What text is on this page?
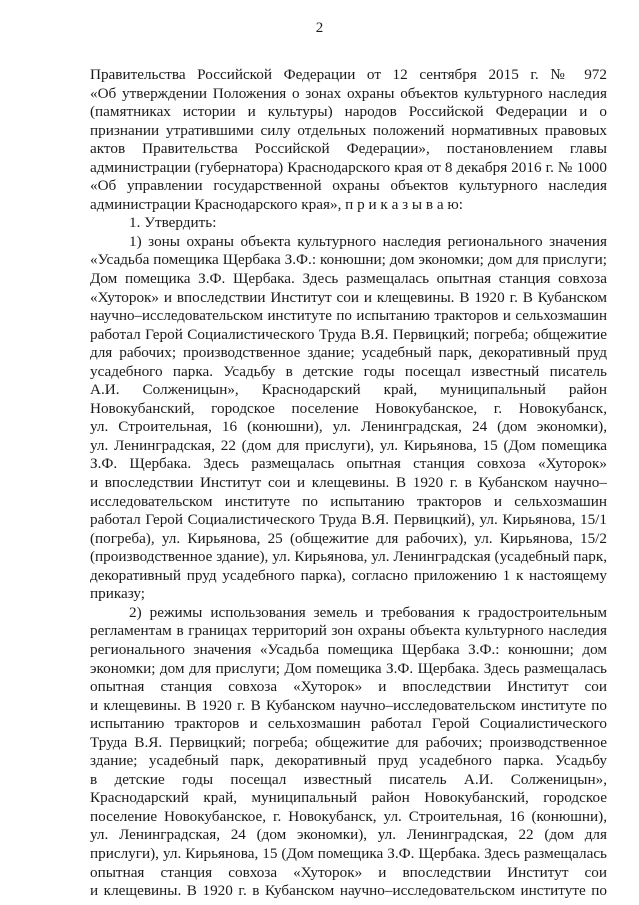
2
Правительства Российской Федерации от 12 сентября 2015 г. № 972
«Об утверждении Положения о зонах охраны объектов культурного наследия
(памятниках истории и культуры) народов Российской Федерации и о
признании утратившими силу отдельных положений нормативных правовых
актов Правительства Российской Федерации», постановлением главы
администрации (губернатора) Краснодарского края от 8 декабря 2016 г. № 1000
«Об управлении государственной охраны объектов культурного наследия
администрации Краснодарского края», п р и к а з ы в а ю:
1. Утвердить:
1) зоны охраны объекта культурного наследия регионального значения
«Усадьба помещика Щербака З.Ф.: конюшни; дом экономки; дом для прислуги;
Дом помещика З.Ф. Щербака. Здесь размещалась опытная станция совхоза
«Хуторок» и впоследствии Институт сои и клещевины. В 1920 г. В Кубанском
научно–исследовательском институте по испытанию тракторов и сельхозмашин
работал Герой Социалистического Труда В.Я. Первицкий; погреба; общежитие
для рабочих; производственное здание; усадебный парк, декоративный пруд
усадебного парка. Усадьбу в детские годы посещал известный писатель
А.И. Солженицын», Краснодарский край, муниципальный район
Новокубанский, городское поселение Новокубанское, г. Новокубанск,
ул. Строительная, 16 (конюшни), ул. Ленинградская, 24 (дом экономки),
ул. Ленинградская, 22 (дом для прислуги), ул. Кирьянова, 15 (Дом помещика
З.Ф. Щербака. Здесь размещалась опытная станция совхоза «Хуторок»
и впоследствии Институт сои и клещевины. В 1920 г. в Кубанском научно–
исследовательском институте по испытанию тракторов и сельхозмашин
работал Герой Социалистического Труда В.Я. Первицкий), ул. Кирьянова, 15/1
(погреба), ул. Кирьянова, 25 (общежитие для рабочих), ул. Кирьянова, 15/2
(производственное здание), ул. Кирьянова, ул. Ленинградская (усадебный парк,
декоративный пруд усадебного парка), согласно приложению 1 к настоящему
приказу;
2) режимы использования земель и требования к градостроительным
регламентам в границах территорий зон охраны объекта культурного наследия
регионального значения «Усадьба помещика Щербака З.Ф.: конюшни; дом
экономки; дом для прислуги; Дом помещика З.Ф. Щербака. Здесь размещалась
опытная станция совхоза «Хуторок» и впоследствии Институт сои
и клещевины. В 1920 г. В Кубанском научно–исследовательском институте по
испытанию тракторов и сельхозмашин работал Герой Социалистического
Труда В.Я. Первицкий; погреба; общежитие для рабочих; производственное
здание; усадебный парк, декоративный пруд усадебного парка. Усадьбу
в детские годы посещал известный писатель А.И. Солженицын»,
Краснодарский край, муниципальный район Новокубанский, городское
поселение Новокубанское, г. Новокубанск, ул. Строительная, 16 (конюшни),
ул. Ленинградская, 24 (дом экономки), ул. Ленинградская, 22 (дом для
прислуги), ул. Кирьянова, 15 (Дом помещика З.Ф. Щербака. Здесь размещалась
опытная станция совхоза «Хуторок» и впоследствии Институт сои
и клещевины. В 1920 г. в Кубанском научно–исследовательском институте по
